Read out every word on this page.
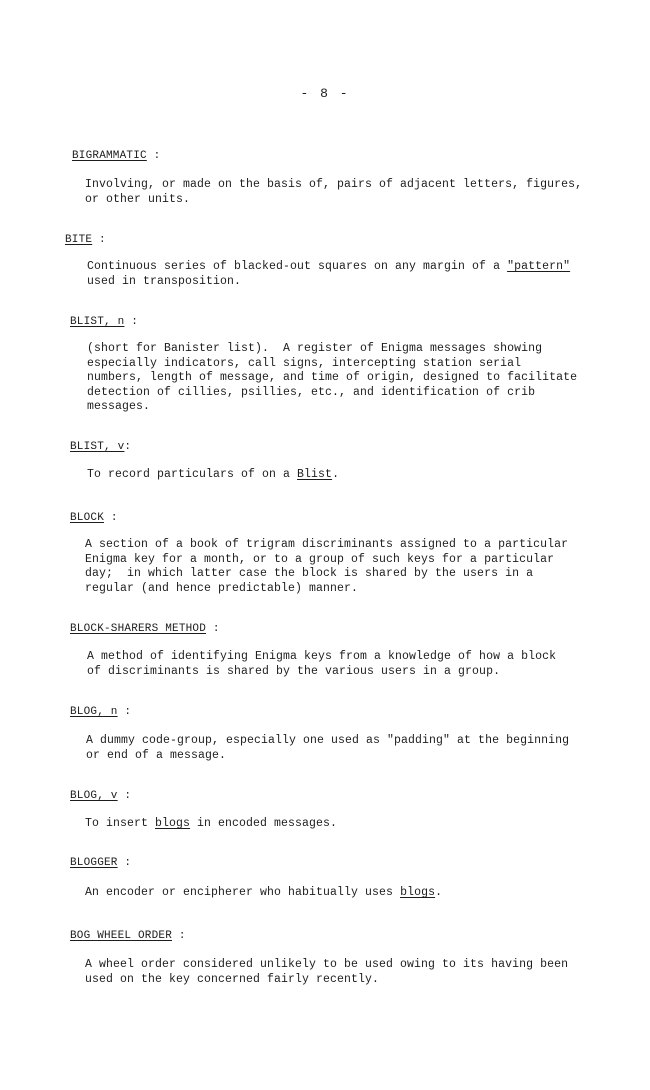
- 8 -
BIGRAMMATIC :
Involving, or made on the basis of, pairs of adjacent letters, figures,
or other units.
BITE :
Continuous series of blacked-out squares on any margin of a "pattern"
used in transposition.
BLIST, n :
(short for Banister list).  A register of Enigma messages showing
especially indicators, call signs, intercepting station serial
numbers, length of message, and time of origin, designed to facilitate
detection of cillies, psillies, etc., and identification of crib
messages.
BLIST, v:
To record particulars of on a Blist.
BLOCK :
A section of a book of trigram discriminants assigned to a particular
Enigma key for a month, or to a group of such keys for a particular
day;  in which latter case the block is shared by the users in a
regular (and hence predictable) manner.
BLOCK-SHARERS METHOD :
A method of identifying Enigma keys from a knowledge of how a block
of discriminants is shared by the various users in a group.
BLOG, n :
A dummy code-group, especially one used as "padding" at the beginning
or end of a message.
BLOG, v :
To insert blogs in encoded messages.
BLOGGER :
An encoder or encipherer who habitually uses blogs.
BOG WHEEL ORDER :
A wheel order considered unlikely to be used owing to its having been
used on the key concerned fairly recently.
